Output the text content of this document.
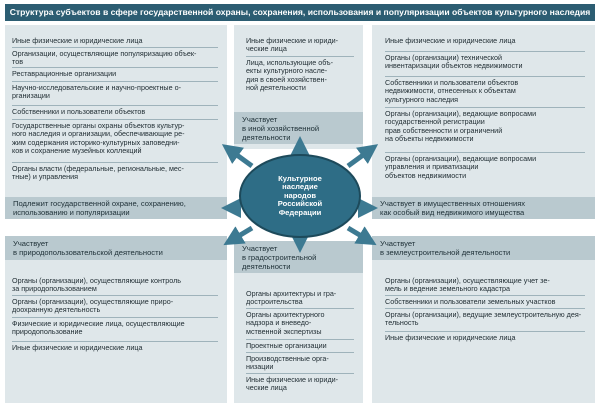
Структура субъектов в сфере государственной охраны, сохранения, использования и популяризации объектов культурного наследия
Подлежит государственной охране, сохранению,
использованию и популяризации
Участвует
в иной хозяйственной
деятельности
Участвует в имущественных отношениях
как особый вид недвижимого имущества
Участвует
в природопользовательской деятельности	Участвует
в градостроительной
деятельности
Участвует
в землеустроительной деятельности
Иные физические и юридические лица
Организации, осуществляющие популяризацию объек-
тов
Реставрационные организации
Научно-исследовательские и научно-проектные о-
рганизации
Собственники и пользователи объектов
Государственные органы охраны объектов культур-
ного наследия и организации, обеспечивающие ре-
жим содержания историко-культурных заповедни-
ков и сохранение музейных коллекций
Органы власти (федеральные, региональные, мес-
тные) и управления
Иные физические и юриди-
ческие лица
Лица, использующие объ-
екты культурного насле-
дия в своей хозяйствен-
ной деятельности
Иные физические и юридические лица
Органы (организации) технической
инвентаризации объектов недвижимости
Собственники и пользователи объектов
недвижимости, отнесенных к объектам
культурного наследия
Органы (организации), ведающие вопросами
государственной регистрации
прав собственности и ограничений
на объекты недвижимости
Органы (организации), ведающие вопросами
управления и приватизации
объектов недвижимости
Органы (организации), осуществляющие контроль
за природопользованием
Органы (организации), осуществляющие приро-
доохранную деятельность
Физические и юридические лица, осуществляющие
природопользование
Иные физические и юридические лица
Органы архитектуры и гра-
достроительства
Органы архитектурного
надзора и вневедо-
мственной экспертизы
Проектные организации
Производственные орга-
низации
Иные физические и юриди-
ческие лица
Органы (организации), осуществляющие учет зе-
мель и ведение земельного кадастра
Собственники и пользователи земельных участков
Органы (организации), ведущие землеустроительную дея-
тельность
Иные физические и юридические лица
Культурное
наследие
народов
Российской
Федерации
